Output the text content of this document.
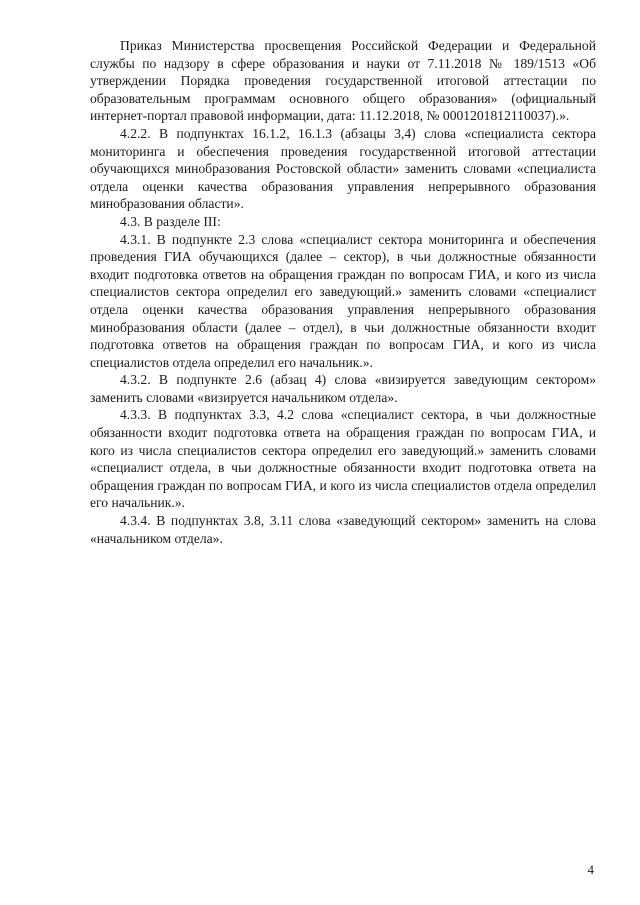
Приказ Министерства просвещения Российской Федерации и Федеральной службы по надзору в сфере образования и науки от 7.11.2018 № 189/1513 «Об утверждении Порядка проведения государственной итоговой аттестации по образовательным программам основного общего образования» (официальный интернет-портал правовой информации, дата: 11.12.2018, № 0001201812110037).».

4.2.2. В подпунктах 16.1.2, 16.1.3 (абзацы 3,4) слова «специалиста сектора мониторинга и обеспечения проведения государственной итоговой аттестации обучающихся минобразования Ростовской области» заменить словами «специалиста отдела оценки качества образования управления непрерывного образования минобразования области».

4.3. В разделе III:

4.3.1. В подпункте 2.3 слова «специалист сектора мониторинга и обеспечения проведения ГИА обучающихся (далее – сектор), в чьи должностные обязанности входит подготовка ответов на обращения граждан по вопросам ГИА, и кого из числа специалистов сектора определил его заведующий.» заменить словами «специалист отдела оценки качества образования управления непрерывного образования минобразования области (далее – отдел), в чьи должностные обязанности входит подготовка ответов на обращения граждан по вопросам ГИА, и кого из числа специалистов отдела определил его начальник.».

4.3.2. В подпункте 2.6 (абзац 4) слова «визируется заведующим сектором» заменить словами «визируется начальником отдела».

4.3.3. В подпунктах 3.3, 4.2 слова «специалист сектора, в чьи должностные обязанности входит подготовка ответа на обращения граждан по вопросам ГИА, и кого из числа специалистов сектора определил его заведующий.» заменить словами «специалист отдела, в чьи должностные обязанности входит подготовка ответа на обращения граждан по вопросам ГИА, и кого из числа специалистов отдела определил его начальник.».

4.3.4. В подпунктах 3.8, 3.11 слова «заведующий сектором» заменить на слова «начальником отдела».

4
